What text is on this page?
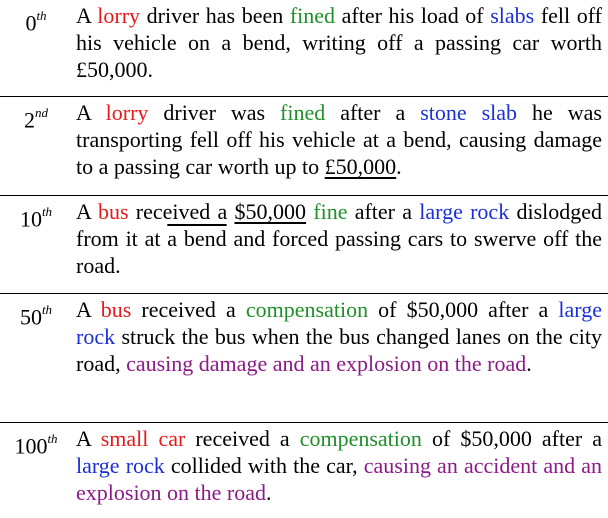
0th	A lorry driver has been fined after his load of slabs fell off his vehicle on a bend, writing off a passing car worth £50,000.
2nd	A lorry driver was fined after a stone slab he was transporting fell off his vehicle at a bend, causing damage to a passing car worth up to £50,000.
10th	A bus received a $50,000 fine after a large rock dislodged from it at a bend and forced passing cars to swerve off the road.
50th	A bus received a compensation of $50,000 after a large rock struck the bus when the bus changed lanes on the city road, causing damage and an explosion on the road.
100th A small car received a compensation of $50,000 after a large rock collided with the car, causing an accident and an explosion on the road.
